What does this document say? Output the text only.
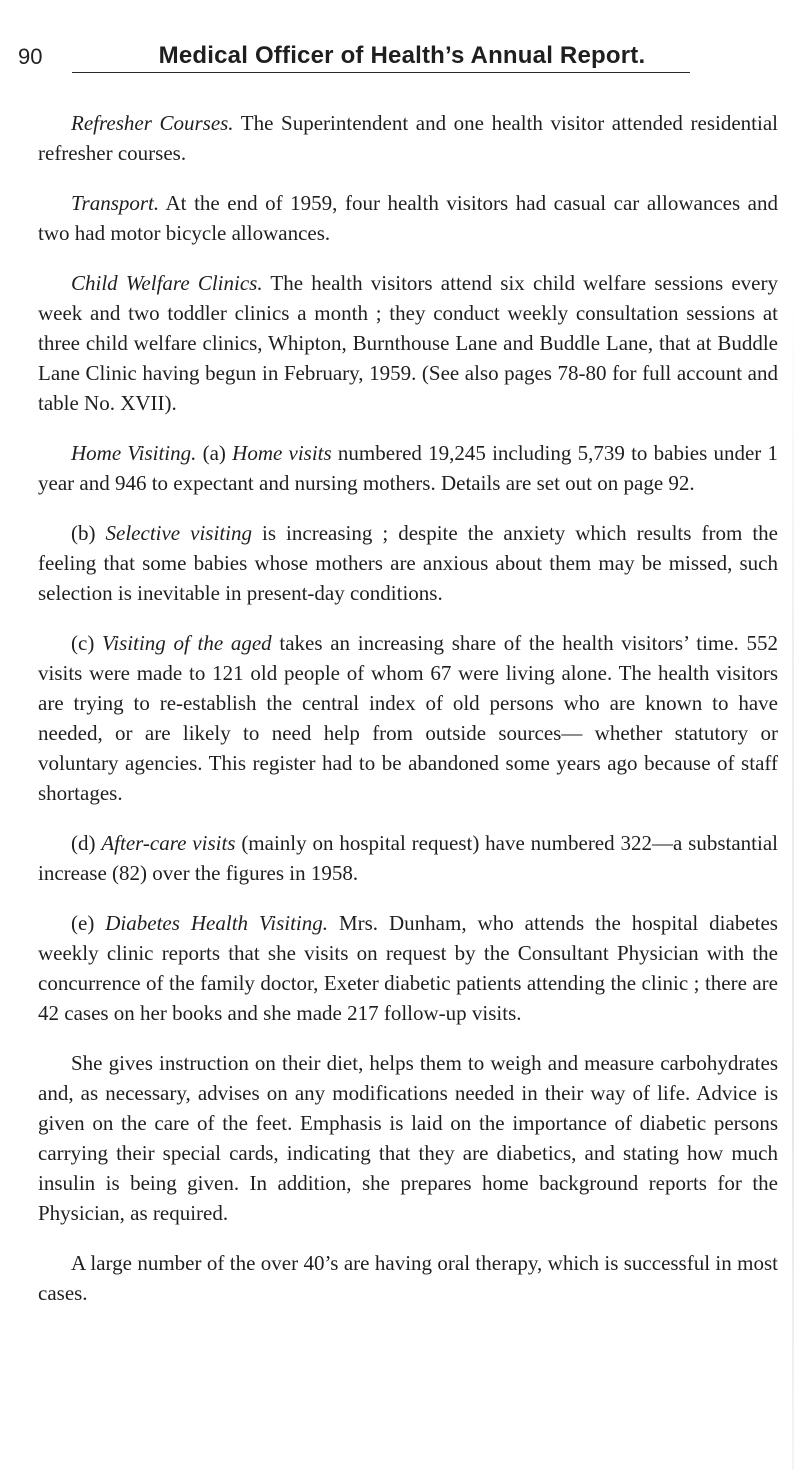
90	Medical Officer of Health’s Annual Report.

Refresher Courses. The Superintendent and one health visitor attended residential refresher courses.

Transport. At the end of 1959, four health visitors had casual car allowances and two had motor bicycle allowances.

Child Welfare Clinics. The health visitors attend six child welfare sessions every week and two toddler clinics a month ; they conduct weekly consultation sessions at three child welfare clinics, Whipton, Burnthouse Lane and Buddle Lane, that at Buddle Lane Clinic having begun in February, 1959. (See also pages 78-80 for full account and table No. XVII).

Home Visiting. (a) Home visits numbered 19,245 including 5,739 to babies under 1 year and 946 to expectant and nursing mothers. Details are set out on page 92.

(b) Selective visiting is increasing ; despite the anxiety which results from the feeling that some babies whose mothers are anxious about them may be missed, such selection is inevitable in present-day conditions.

(c) Visiting of the aged takes an increasing share of the health visitors’ time. 552 visits were made to 121 old people of whom 67 were living alone. The health visitors are trying to re-establish the central index of old persons who are known to have needed, or are likely to need help from outside sources— whether statutory or voluntary agencies. This register had to be abandoned some years ago because of staff shortages.

(d) After-care visits (mainly on hospital request) have numbered 322—a substantial increase (82) over the figures in 1958.

(e) Diabetes Health Visiting. Mrs. Dunham, who attends the hospital diabetes weekly clinic reports that she visits on request by the Consultant Physician with the concurrence of the family doctor, Exeter diabetic patients attending the clinic ; there are 42 cases on her books and she made 217 follow-up visits.

She gives instruction on their diet, helps them to weigh and measure carbohydrates and, as necessary, advises on any modifications needed in their way of life. Advice is given on the care of the feet. Emphasis is laid on the importance of diabetic persons carrying their special cards, indicating that they are diabetics, and stating how much insulin is being given. In addition, she prepares home background reports for the Physician, as required.

A large number of the over 40’s are having oral therapy, which is successful in most cases.
